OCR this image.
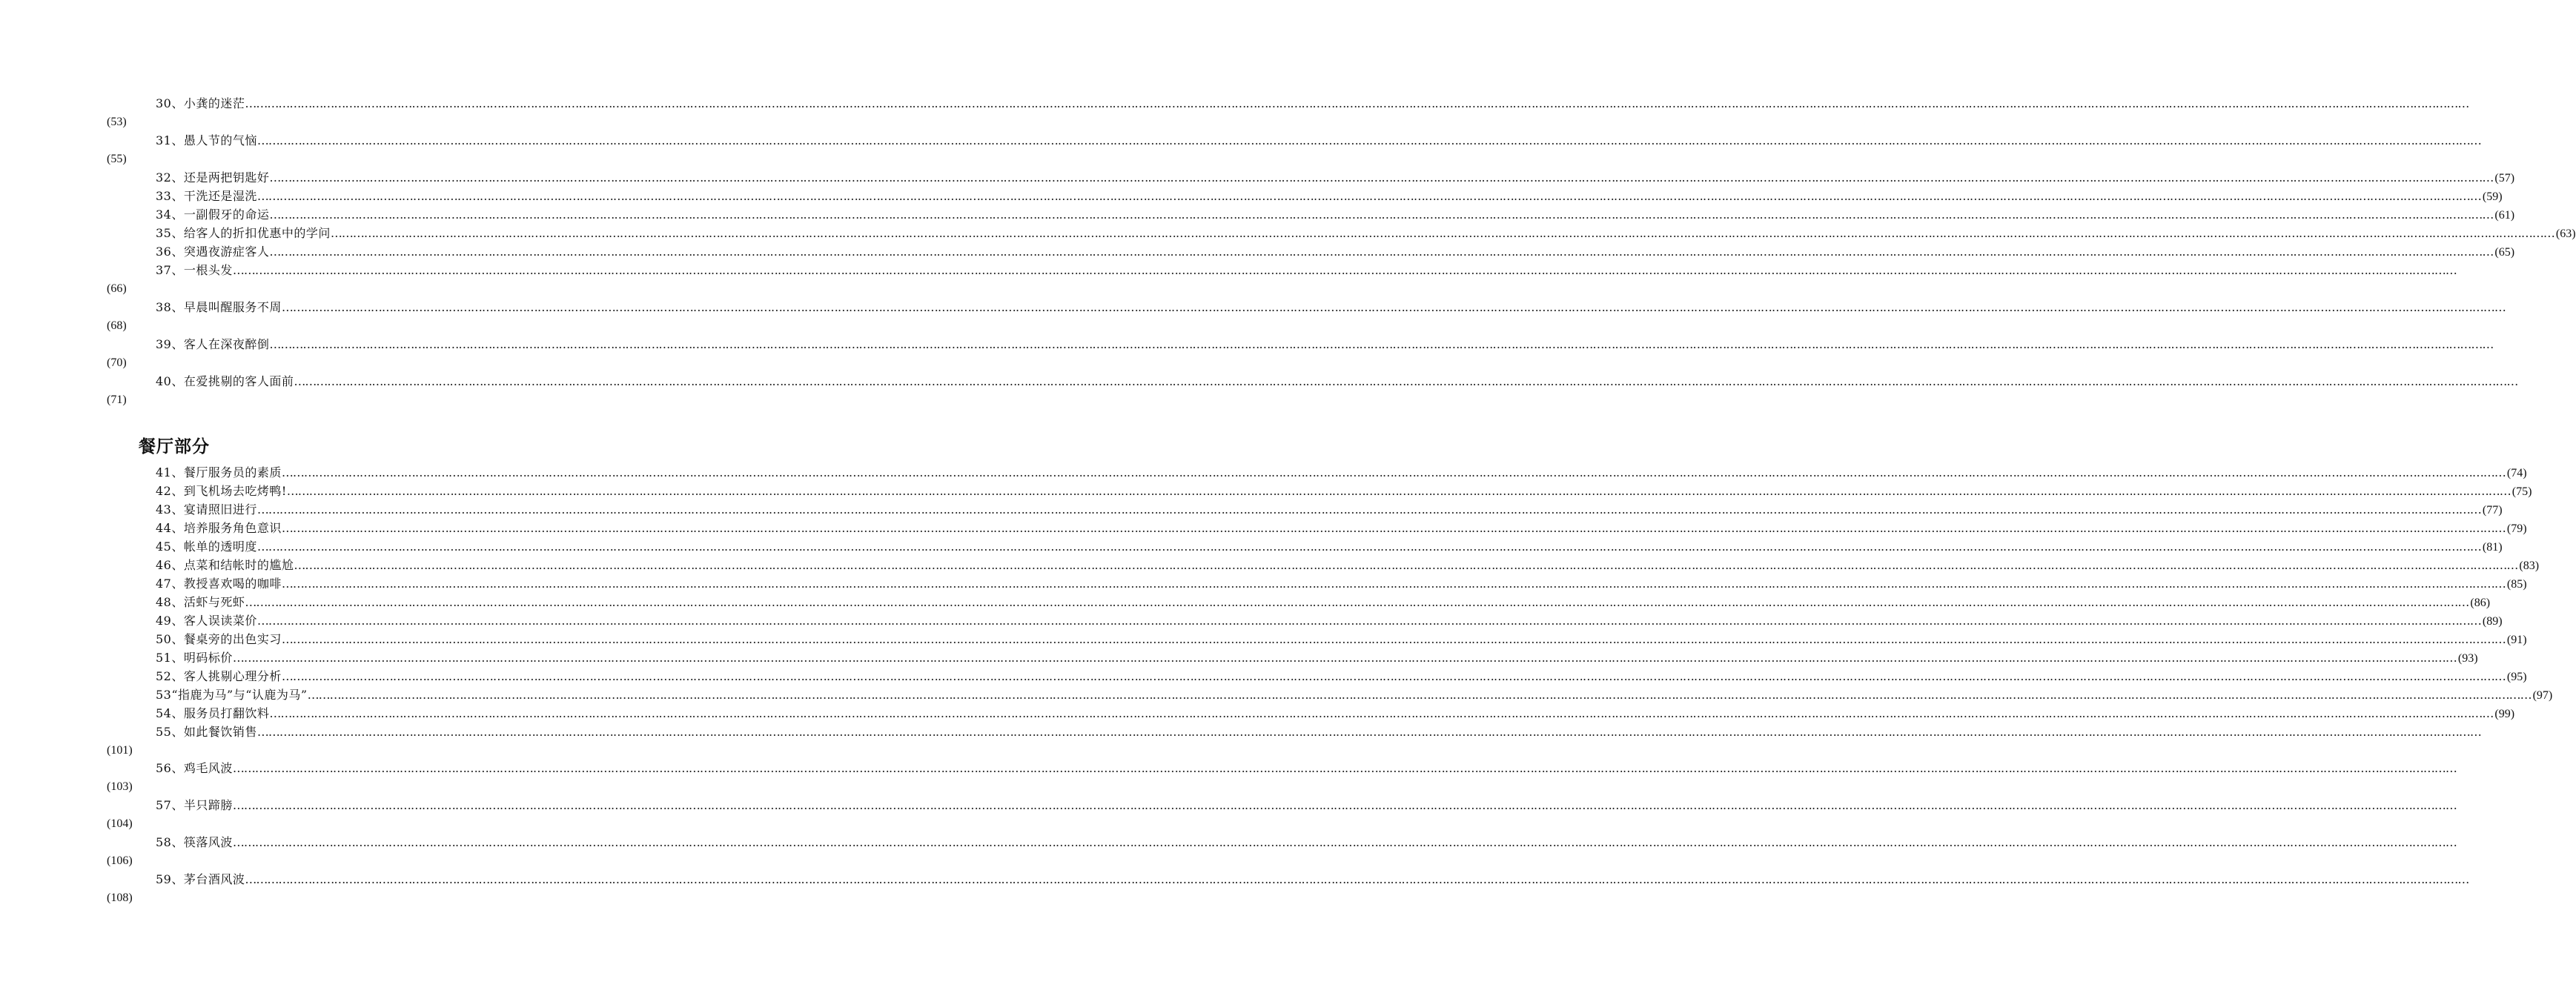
餐厅部分
30、小龚的迷茫 ……………………………………………………………………………………………………………………………………………………………………………………………………………………………………………………………………………………………………………………………………………………………………………………………………………………………………………………………………………………………………………………………………………………
(53)
31、愚人节的气恼 ……………………………………………………………………………………………………………………………………………………………………………………………………………………………………………………………………………………………………………………………………………………………………………………………………………………………………………………………………………………………………………………………………………………
(55)
32、还是两把钥匙好 …………………………………………………………………………………………………………………………………………………………………………………………………………………………………………………………………………………………………………………………………………………………………………………………………………………………………………………………………………………………………………………………………………………… (57)
33、干洗还是湿洗 …………………………………………………………………………………………………………………………………………………………………………………………………………………………………………………………………………………………………………………………………………………………………………………………………………………………………………………………………………………………………………………………………………………… (59)
34、一副假牙的命运 …………………………………………………………………………………………………………………………………………………………………………………………………………………………………………………………………………………………………………………………………………………………………………………………………………………………………………………………………………………………………………………………………………………… (61)
35、给客人的折扣优惠中的学问 …………………………………………………………………………………………………………………………………………………………………………………………………………………………………………………………………………………………………………………………………………………………………………………………………………………………………………………………………………………………………………………………………………………… (63)
36、突遇夜游症客人 …………………………………………………………………………………………………………………………………………………………………………………………………………………………………………………………………………………………………………………………………………………………………………………………………………………………………………………………………………………………………………………………………………………… (65)
37、一根头发 ……………………………………………………………………………………………………………………………………………………………………………………………………………………………………………………………………………………………………………………………………………………………………………………………………………………………………………………………………………………………………………………………………………………
(66)
38、早晨叫醒服务不周 ……………………………………………………………………………………………………………………………………………………………………………………………………………………………………………………………………………………………………………………………………………………………………………………………………………………………………………………………………………………………………………………………………………………
(68)
39、客人在深夜醉倒 ……………………………………………………………………………………………………………………………………………………………………………………………………………………………………………………………………………………………………………………………………………………………………………………………………………………………………………………………………………………………………………………………………………………
(70)
40、在爱挑剔的客人面前 ……………………………………………………………………………………………………………………………………………………………………………………………………………………………………………………………………………………………………………………………………………………………………………………………………………………………………………………………………………………………………………………………………………………
(71)
41、餐厅服务员的素质 …………………………………………………………………………………………………………………………………………………………………………………………………………………………………………………………………………………………………………………………………………………………………………………………………………………………………………………………………………………………………………………………………………………… (74)
42、到飞机场去吃烤鸭! …………………………………………………………………………………………………………………………………………………………………………………………………………………………………………………………………………………………………………………………………………………………………………………………………………………………………………………………………………………………………………………………………………………… (75)
43、宴请照旧进行 …………………………………………………………………………………………………………………………………………………………………………………………………………………………………………………………………………………………………………………………………………………………………………………………………………………………………………………………………………………………………………………………………………………… (77)
44、培养服务角色意识 …………………………………………………………………………………………………………………………………………………………………………………………………………………………………………………………………………………………………………………………………………………………………………………………………………………………………………………………………………………………………………………………………………………… (79)
45、帐单的透明度 …………………………………………………………………………………………………………………………………………………………………………………………………………………………………………………………………………………………………………………………………………………………………………………………………………………………………………………………………………………………………………………………………………………… (81)
46、点菜和结帐时的尴尬 …………………………………………………………………………………………………………………………………………………………………………………………………………………………………………………………………………………………………………………………………………………………………………………………………………………………………………………………………………………………………………………………………………………… (83)
47、教授喜欢喝的咖啡 …………………………………………………………………………………………………………………………………………………………………………………………………………………………………………………………………………………………………………………………………………………………………………………………………………………………………………………………………………………………………………………………………………………… (85)
48、活虾与死虾 …………………………………………………………………………………………………………………………………………………………………………………………………………………………………………………………………………………………………………………………………………………………………………………………………………………………………………………………………………………………………………………………………………………… (86)
49、客人误读菜价 …………………………………………………………………………………………………………………………………………………………………………………………………………………………………………………………………………………………………………………………………………………………………………………………………………………………………………………………………………………………………………………………………………………… (89)
50、餐桌旁的出色实习 …………………………………………………………………………………………………………………………………………………………………………………………………………………………………………………………………………………………………………………………………………………………………………………………………………………………………………………………………………………………………………………………………………………… (91)
51、明码标价 …………………………………………………………………………………………………………………………………………………………………………………………………………………………………………………………………………………………………………………………………………………………………………………………………………………………………………………………………………………………………………………………………………………… (93)
52、客人挑剔心理分析 …………………………………………………………………………………………………………………………………………………………………………………………………………………………………………………………………………………………………………………………………………………………………………………………………………………………………………………………………………………………………………………………………………………… (95)
53“指鹿为马”与“认鹿为马” …………………………………………………………………………………………………………………………………………………………………………………………………………………………………………………………………………………………………………………………………………………………………………………………………………………………………………………………………………………………………………………………………………………… (97)
54、服务员打翻饮料 …………………………………………………………………………………………………………………………………………………………………………………………………………………………………………………………………………………………………………………………………………………………………………………………………………………………………………………………………………………………………………………………………………………… (99)
55、如此餐饮销售 ……………………………………………………………………………………………………………………………………………………………………………………………………………………………………………………………………………………………………………………………………………………………………………………………………………………………………………………………………………………………………………………………………………………
(101)
56、鸡毛风波 ……………………………………………………………………………………………………………………………………………………………………………………………………………………………………………………………………………………………………………………………………………………………………………………………………………………………………………………………………………………………………………………………………………………
(103)
57、半只蹄膀 ……………………………………………………………………………………………………………………………………………………………………………………………………………………………………………………………………………………………………………………………………………………………………………………………………………………………………………………………………………………………………………………………………………………
(104)
58、筷落风波 ……………………………………………………………………………………………………………………………………………………………………………………………………………………………………………………………………………………………………………………………………………………………………………………………………………………………………………………………………………………………………………………………………………………
(106)
59、茅台酒风波 ……………………………………………………………………………………………………………………………………………………………………………………………………………………………………………………………………………………………………………………………………………………………………………………………………………………………………………………………………………………………………………………………………………………
(108)
